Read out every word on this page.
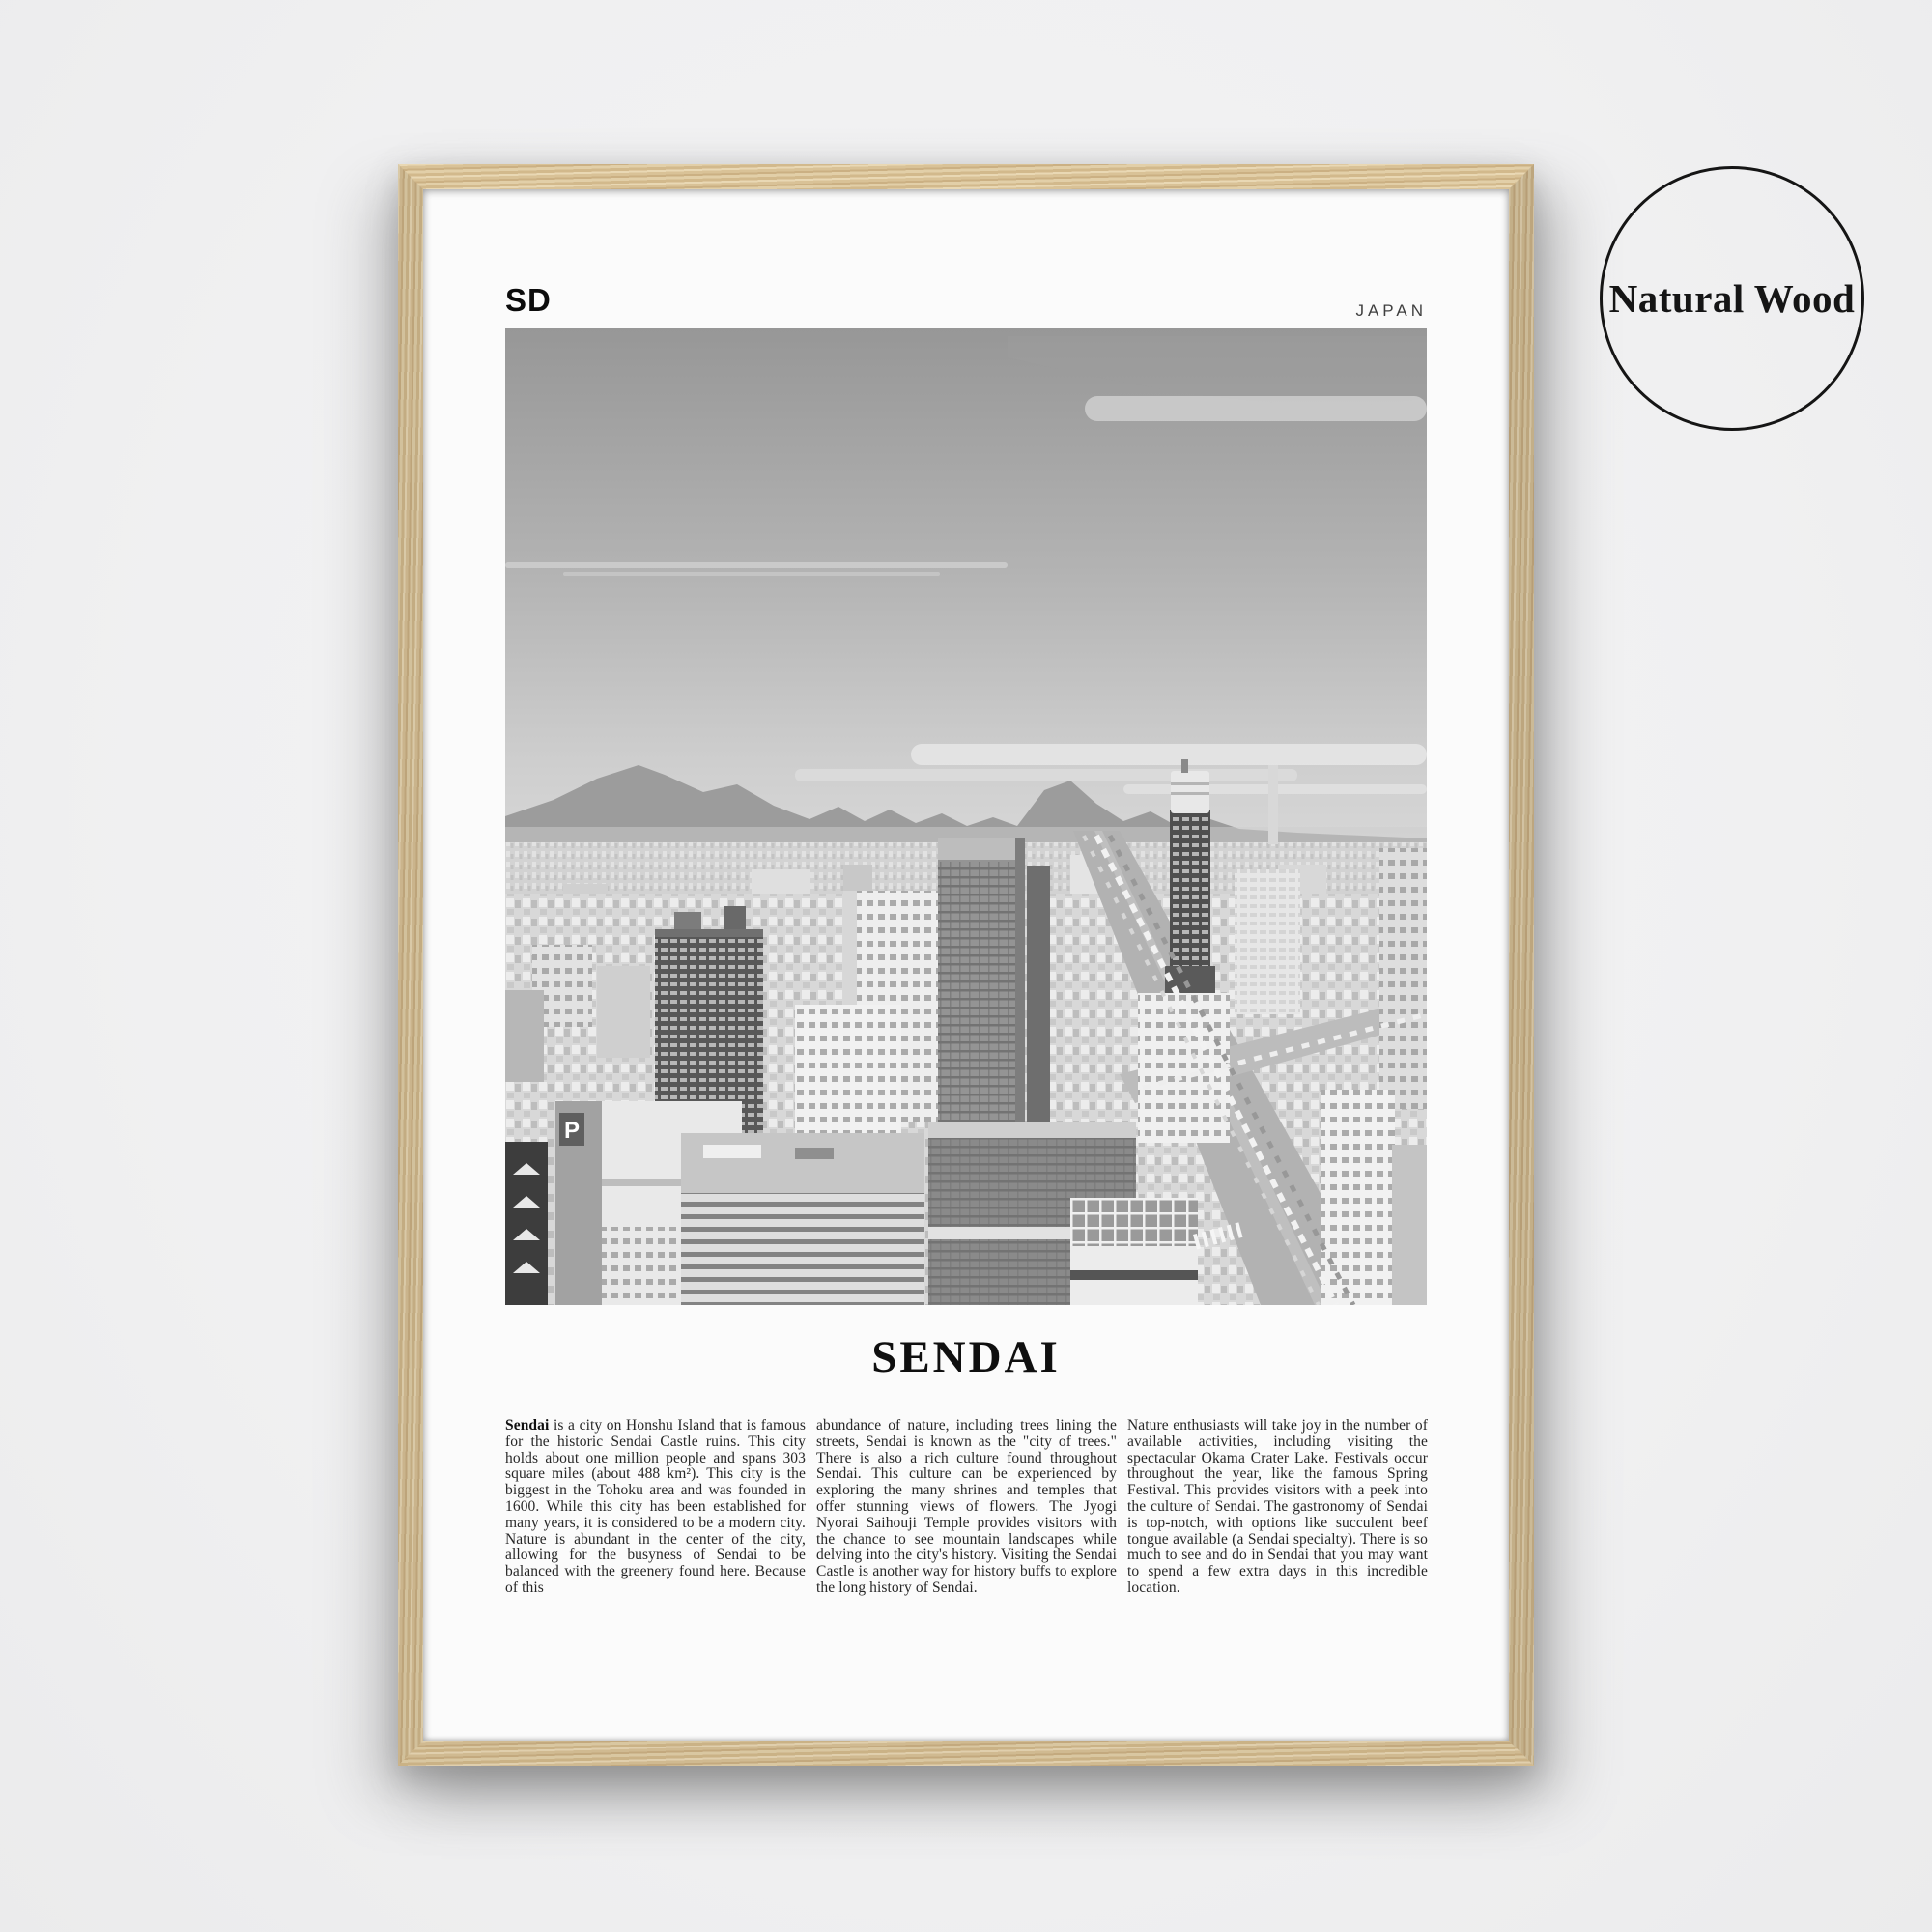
SD	JAPAN
P
SENDAI

Sendai is a city on Honshu Island that is famous for the historic Sendai Castle ruins. This city holds about one million people and spans 303 square miles (about 488 km²). This city is the biggest in the Tohoku area and was founded in 1600. While this city has been established for many years, it is considered to be a modern city. Nature is abundant in the center of the city, allowing for the busyness of Sendai to be balanced with the greenery found here. Because of this

abundance of nature, including trees lining the streets, Sendai is known as the "city of trees." There is also a rich culture found throughout Sendai. This culture can be experienced by exploring the many shrines and temples that offer stunning views of flowers. The Jyogi Nyorai Saihouji Temple provides visitors with the chance to see mountain landscapes while delving into the city's history. Visiting the Sendai Castle is another way for history buffs to explore the long history of Sendai.

Nature enthusiasts will take joy in the number of available activities, including visiting the spectacular Okama Crater Lake. Festivals occur throughout the year, like the famous Spring Festival. This provides visitors with a peek into the culture of Sendai. The gastronomy of Sendai is top-notch, with options like succulent beef tongue available (a Sendai specialty). There is so much to see and do in Sendai that you may want to spend a few extra days in this incredible location.

Natural Wood
